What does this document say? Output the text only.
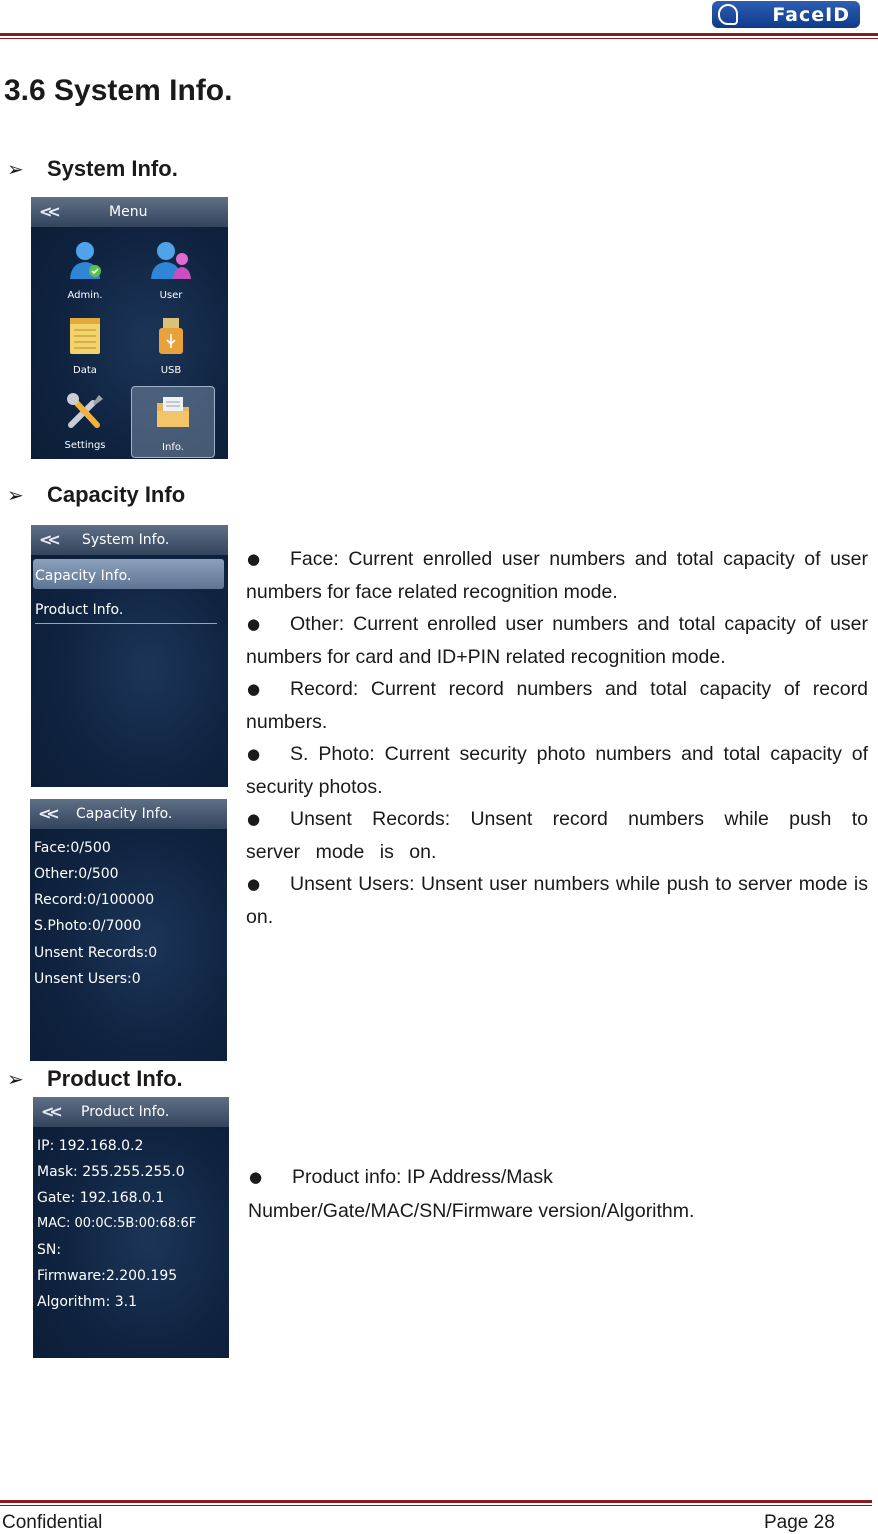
FaceID
3.6 System Info.
➢ System Info.
<<	Menu
Admin.	User
Data	USB
Settings	Info.
➢ Capacity Info
<< System Info.
Capacity Info.
Product Info.
<< Capacity Info.
Face:0/500
Other:0/500
Record:0/100000
S.Photo:0/7000
Unsent Records:0
Unsent Users:0

● Face: Current enrolled user numbers and total capacity of user numbers for face related recognition mode.

● Other: Current enrolled user numbers and total capacity of user numbers for card and ID+PIN related recognition mode.

● Record: Current record numbers and total capacity of record numbers.

● S. Photo: Current security photo numbers and total capacity of security photos.

● Unsent Records: Unsent record numbers while push to server mode is on.

● Unsent Users: Unsent user numbers while push to server mode is on.

➢ Product Info.
<< Product Info.
IP: 192.168.0.2
Mask: 255.255.255.0
Gate: 192.168.0.1
MAC: 00:0C:5B:00:68:6F
SN:
Firmware:2.200.195
Algorithm: 3.1

● Product info: IP Address/Mask Number/Gate/MAC/SN/Firmware version/Algorithm.

Confidential	Page 28
